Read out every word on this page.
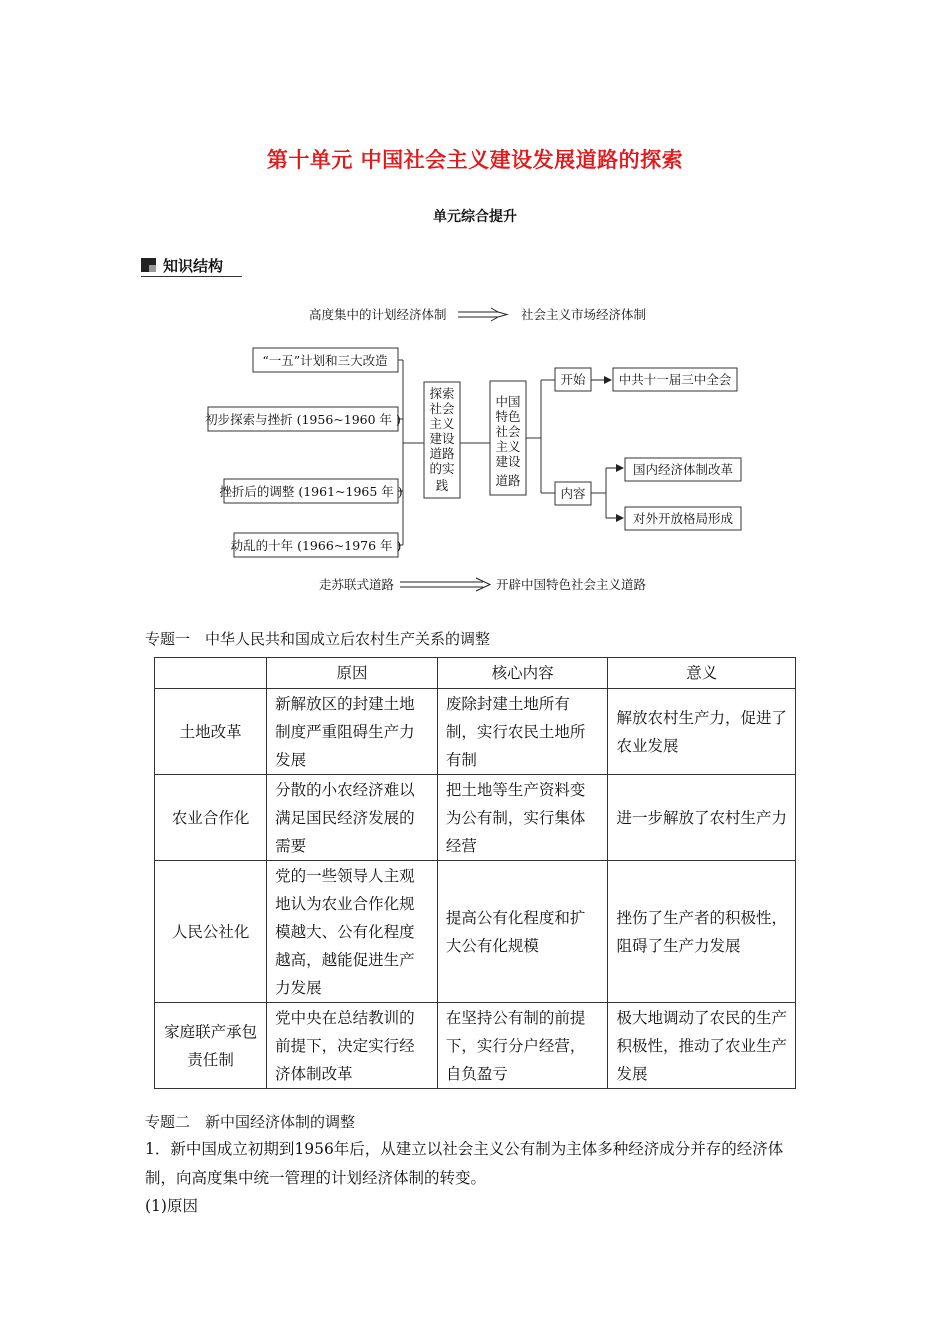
第十单元 中国社会主义建设发展道路的探索
单元综合提升
知识结构
高度集中的计划经济体制	社会主义市场经济体制
“一五”计划和三大改造
初步探索与挫折 (1956~1960 年 )
挫折后的调整 (1961~1965 年 )
动乱的十年 (1966~1976 年 )
探索
社会
主义
建设
道路
的实
践
中国
特色
社会
主义
建设
道路
开始	中共十一届三中全会
内容
国内经济体制改革
对外开放格局形成
走苏联式道路	开辟中国特色社会主义道路
专题一　中华人民共和国成立后农村生产关系的调整
	原因	核心内容	意义
土地改革	新解放区的封建土地制度严重阻碍生产力发展	废除封建土地所有制，实行农民土地所有制	解放农村生产力，促进了农业发展
农业合作化	分散的小农经济难以满足国民经济发展的需要	把土地等生产资料变为公有制，实行集体经营	进一步解放了农村生产力
人民公社化	党的一些领导人主观地认为农业合作化规模越大、公有化程度越高，越能促进生产力发展	提高公有化程度和扩大公有化规模	挫伤了生产者的积极性，阻碍了生产力发展
家庭联产承包责任制	党中央在总结教训的前提下，决定实行经济体制改革	在坚持公有制的前提下，实行分户经营，自负盈亏	极大地调动了农民的生产积极性，推动了农业生产发展
专题二　新中国经济体制的调整
1．新中国成立初期到1956年后，从建立以社会主义公有制为主体多种经济成分并存的经济体制，向高度集中统一管理的计划经济体制的转变。
(1)原因
